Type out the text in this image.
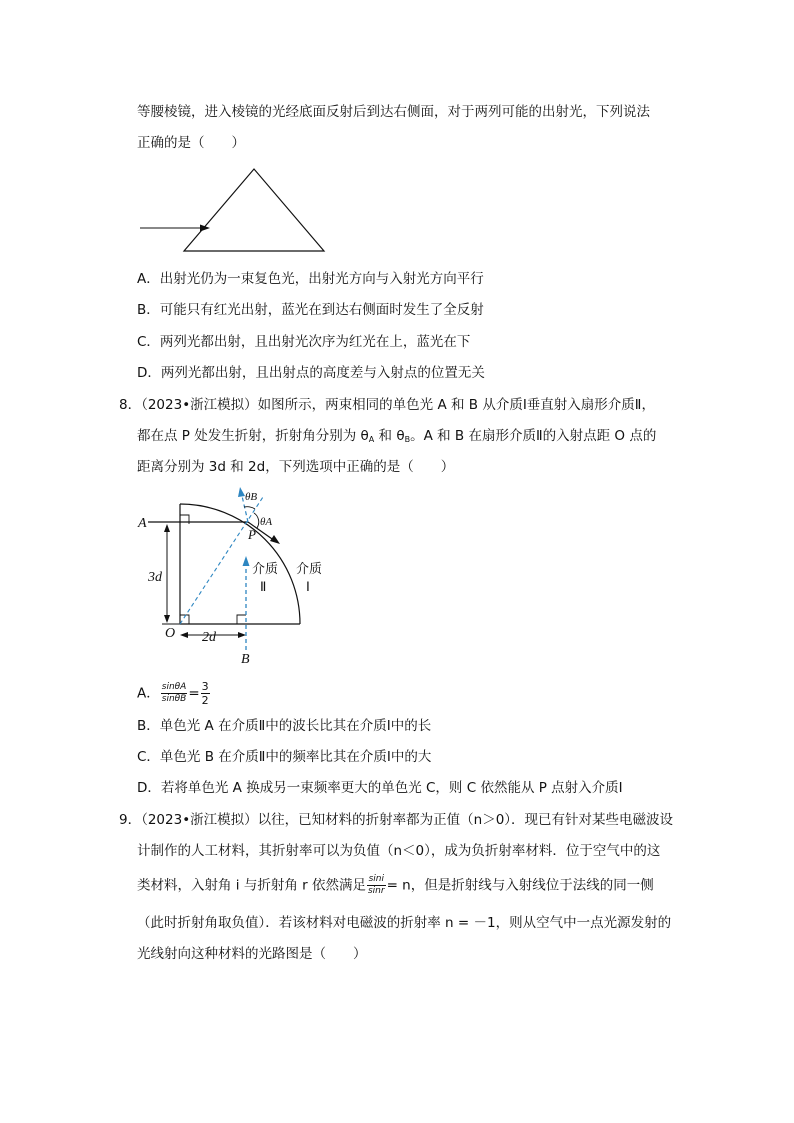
等腰棱镜，进入棱镜的光经底面反射后到达右侧面，对于两列可能的出射光，下列说法
正确的是（　　）
A．出射光仍为一束复色光，出射光方向与入射光方向平行
B．可能只有红光出射，蓝光在到达右侧面时发生了全反射
C．两列光都出射，且出射光次序为红光在上，蓝光在下
D．两列光都出射，且出射点的高度差与入射点的位置无关
8．（2023•浙江模拟）如图所示，两束相同的单色光 A 和 B 从介质Ⅰ垂直射入扇形介质Ⅱ，
都在点 P 处发生折射，折射角分别为 $\theta_A$ 和 $\theta_B$。A 和 B 在扇形介质Ⅱ的入射点距 O 点的
距离分别为 3d 和 2d，下列选项中正确的是（　　）
A
3d
O 2d
B
P
θB
θA
介质
Ⅱ
介质
Ⅰ
A． $\frac{\sin\theta A}{\sin\theta B} = \frac{3}{2}$
B．单色光 A 在介质Ⅱ中的波长比其在介质Ⅰ中的长
C．单色光 B 在介质Ⅱ中的频率比其在介质Ⅰ中的大
D．若将单色光 A 换成另一束频率更大的单色光 C，则 C 依然能从 P 点射入介质Ⅰ
9．（2023•浙江模拟）以往，已知材料的折射率都为正值（n＞0）．现已有针对某些电磁波设
计制作的人工材料，其折射率可以为负值（n＜0），成为负折射率材料．位于空气中的这
类材料，入射角 i 与折射角 r 依然满足 $\frac{\sin i}{\sin r} = n$，但是折射线与入射线位于法线的同一侧
（此时折射角取负值）．若该材料对电磁波的折射率 n = －1，则从空气中一点光源发射的
光线射向这种材料的光路图是（　　）
